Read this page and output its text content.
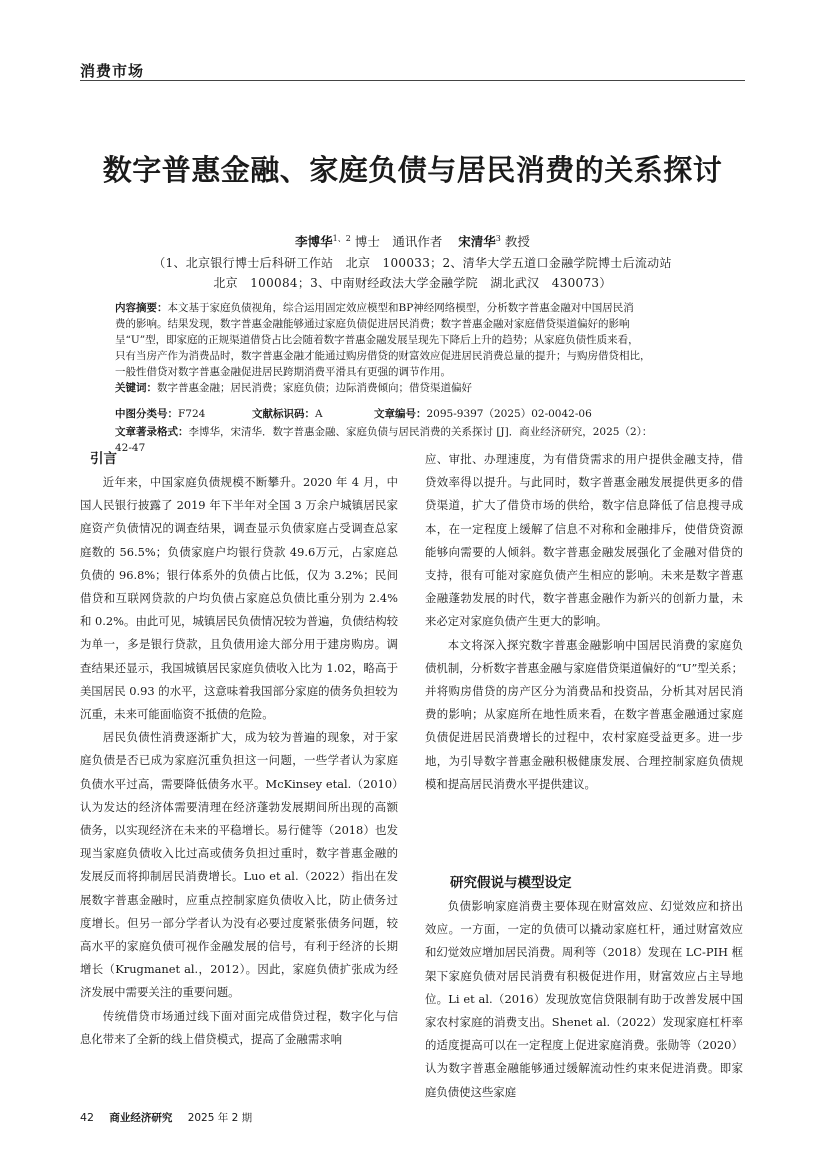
消费市场
数字普惠金融、家庭负债与居民消费的关系探讨
李博华$^{1、2}$ 博士　通讯作者 宋清华$^3$ 教授
（1、北京银行博士后科研工作站　北京　100033；2、清华大学五道口金融学院博士后流动站
北京　100084；3、中南财经政法大学金融学院　湖北武汉　430073）
内容摘要：本文基于家庭负债视角，综合运用固定效应模型和BP神经网络模型，分析数字普惠金融对中国居民消
费的影响。结果发现，数字普惠金融能够通过家庭负债促进居民消费；数字普惠金融对家庭借贷渠道偏好的影响
呈“U”型，即家庭的正规渠道借贷占比会随着数字普惠金融发展呈现先下降后上升的趋势；从家庭负债性质来看，
只有当房产作为消费品时，数字普惠金融才能通过购房借贷的财富效应促进居民消费总量的提升；与购房借贷相比，
一般性借贷对数字普惠金融促进居民跨期消费平滑具有更强的调节作用。
关键词：数字普惠金融；居民消费；家庭负债；边际消费倾向；借贷渠道偏好
中图分类号：F724	文献标识码：A	文章编号：2095-9397（2025）02-0042-06
文章著录格式：李博华，宋清华．数字普惠金融、家庭负债与居民消费的关系探讨 [J]．商业经济研究，2025（2）：
42-47
引言

近年来，中国家庭负债规模不断攀升。2020 年 4 月，中国人民银行披露了 2019 年下半年对全国 3 万余户城镇居民家庭资产负债情况的调查结果，调查显示负债家庭占受调查总家庭数的 56.5%；负债家庭户均银行贷款 49.6万元，占家庭总负债的 96.8%；银行体系外的负债占比低，仅为 3.2%；民间借贷和互联网贷款的户均负债占家庭总负债比重分别为 2.4% 和 0.2%。由此可见，城镇居民负债情况较为普遍，负债结构较为单一，多是银行贷款，且负债用途大部分用于建房购房。调查结果还显示，我国城镇居民家庭负债收入比为 1.02，略高于美国居民 0.93 的水平，这意味着我国部分家庭的债务负担较为沉重，未来可能面临资不抵债的危险。

居民负债性消费逐渐扩大，成为较为普遍的现象，对于家庭负债是否已成为家庭沉重负担这一问题，一些学者认为家庭负债水平过高，需要降低债务水平。McKinsey etal.（2010）认为发达的经济体需要清理在经济蓬勃发展期间所出现的高额债务，以实现经济在未来的平稳增长。易行健等（2018）也发现当家庭负债收入比过高或债务负担过重时，数字普惠金融的发展反而将抑制居民消费增长。Luo et al.（2022）指出在发展数字普惠金融时，应重点控制家庭负债收入比，防止债务过度增长。但另一部分学者认为没有必要过度紧张债务问题，较高水平的家庭负债可视作金融发展的信号，有利于经济的长期增长（Krugmanet al.，2012）。因此，家庭负债扩张成为经济发展中需要关注的重要问题。

传统借贷市场通过线下面对面完成借贷过程，数字化与信息化带来了全新的线上借贷模式，提高了金融需求响

应、审批、办理速度，为有借贷需求的用户提供金融支持，借贷效率得以提升。与此同时，数字普惠金融发展提供更多的借贷渠道，扩大了借贷市场的供给，数字信息降低了信息搜寻成本，在一定程度上缓解了信息不对称和金融排斥，使借贷资源能够向需要的人倾斜。数字普惠金融发展强化了金融对借贷的支持，很有可能对家庭负债产生相应的影响。未来是数字普惠金融蓬勃发展的时代，数字普惠金融作为新兴的创新力量，未来必定对家庭负债产生更大的影响。

本文将深入探究数字普惠金融影响中国居民消费的家庭负债机制，分析数字普惠金融与家庭借贷渠道偏好的“U”型关系；并将购房借贷的房产区分为消费品和投资品，分析其对居民消费的影响；从家庭所在地性质来看，在数字普惠金融通过家庭负债促进居民消费增长的过程中，农村家庭受益更多。进一步地，为引导数字普惠金融积极健康发展、合理控制家庭负债规模和提高居民消费水平提供建议。

研究假说与模型设定

负债影响家庭消费主要体现在财富效应、幻觉效应和挤出效应。一方面，一定的负债可以撬动家庭杠杆，通过财富效应和幻觉效应增加居民消费。周利等（2018）发现在 LC-PIH 框架下家庭负债对居民消费有积极促进作用，财富效应占主导地位。Li et al.（2016）发现放宽信贷限制有助于改善发展中国家农村家庭的消费支出。Shenet al.（2022）发现家庭杠杆率的适度提高可以在一定程度上促进家庭消费。张勋等（2020）认为数字普惠金融能够通过缓解流动性约束来促进消费。即家庭负债使这些家庭

42 商业经济研究 2025 年 2 期
